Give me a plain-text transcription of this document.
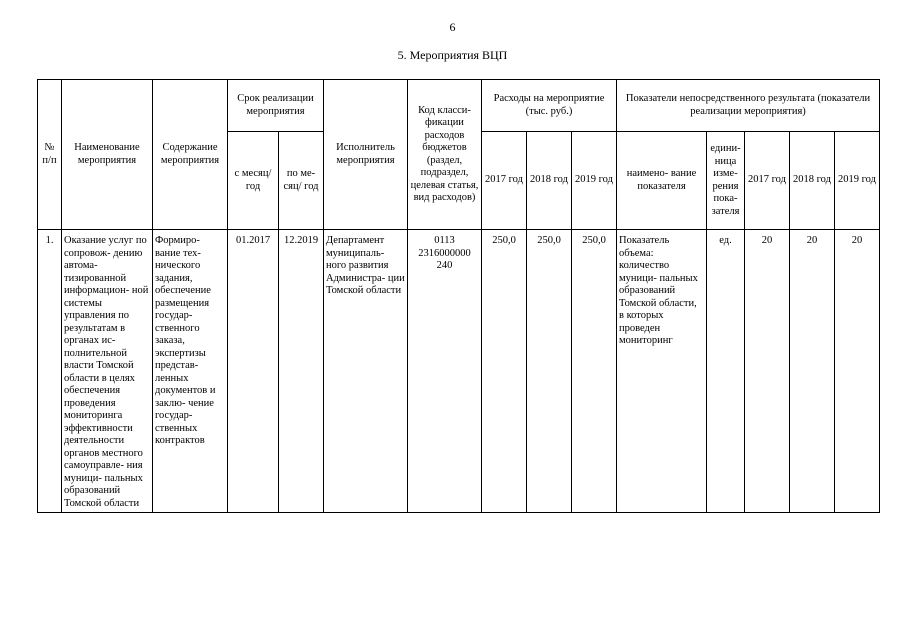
6
5. Мероприятия ВЦП
№ п/п	Наименование мероприятия	Содержание мероприятия	Срок реализации мероприятия		Исполнитель мероприятия	Код класси- фикации расходов бюджетов (раздел, подраздел, целевая статья, вид расходов)	Расходы на мероприятие (тыс. руб.)			Показатели непосредственного результата (показатели реализации мероприятия)				
			с месяц/ год	по ме- сяц/ год			2017 год	2018 год	2019 год	наимено- вание показателя	едини- ница изме- рения пока- зателя	2017 год	2018 год	2019 год
1.	Оказание услуг по сопровож- дению автома- тизированной информацион- ной системы управления по результатам в органах ис- полнительной власти Томской области в целях обеспечения проведения мониторинга эффективности деятельности органов местного самоуправле- ния муници- пальных образований Томской области	Формиро- вание тех- нического задания, обеспечение размещения государ- ственного заказа, экспертизы представ- ленных документов и заклю- чение государ- ственных контрактов	01.2017	12.2019	Департамент муниципаль- ного развития Администра- ции Томской области	0113 2316000000 240	250,0	250,0	250,0	Показатель объема: количество муници- пальных образований Томской области, в которых проведен мониторинг	ед.	20	20	20
